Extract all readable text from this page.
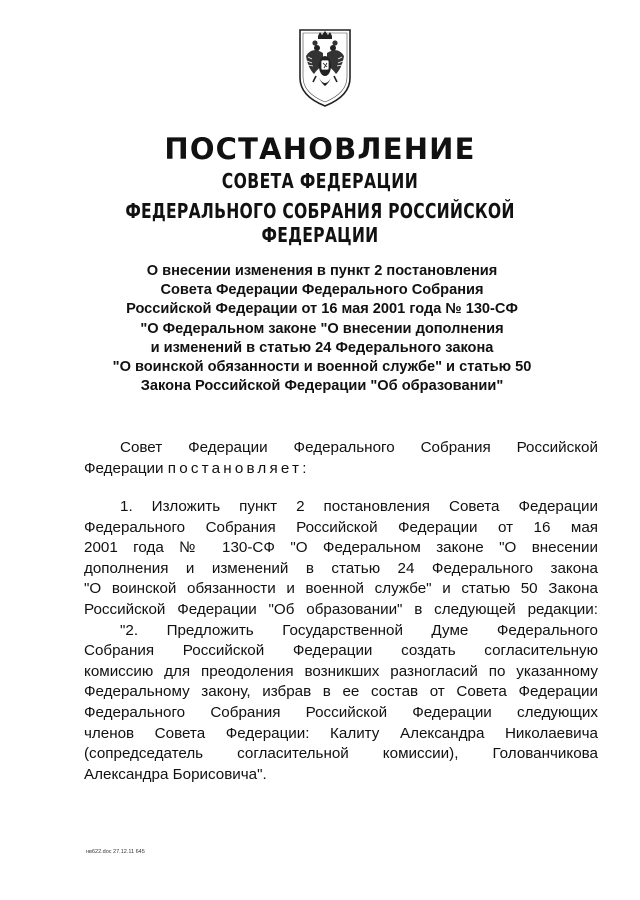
ПОСТАНОВЛЕНИЕ
СОВЕТА ФЕДЕРАЦИИ
ФЕДЕРАЛЬНОГО СОБРАНИЯ РОССИЙСКОЙ ФЕДЕРАЦИИ
О внесении изменения в пункт 2 постановления
Совета Федерации Федерального Собрания
Российской Федерации от 16 мая 2001 года № 130-СФ
"О Федеральном законе "О внесении дополнения
и изменений в статью 24 Федерального закона
"О воинской обязанности и военной службе" и статью 50
Закона Российской Федерации "Об образовании"
Совет Федерации Федерального Собрания Российской
Федерации постановляет:
1. Изложить пункт 2 постановления Совета Федерации
Федерального Собрания Российской Федерации от 16 мая
2001 года № 130-СФ "О Федеральном законе "О внесении
дополнения и изменений в статью 24 Федерального закона
"О воинской обязанности и военной службе" и статью 50 Закона
Российской Федерации "Об образовании" в следующей редакции:
"2. Предложить Государственной Думе Федерального
Собрания Российской Федерации создать согласительную
комиссию для преодоления возникших разногласий по указанному
Федеральному закону, избрав в ее состав от Совета Федерации
Федерального Собрания Российской Федерации следующих
членов Совета Федерации: Калиту Александра Николаевича
(сопредседатель согласительной комиссии), Голованчикова
Александра Борисовича".
нв622.doc 27.12.11 645
